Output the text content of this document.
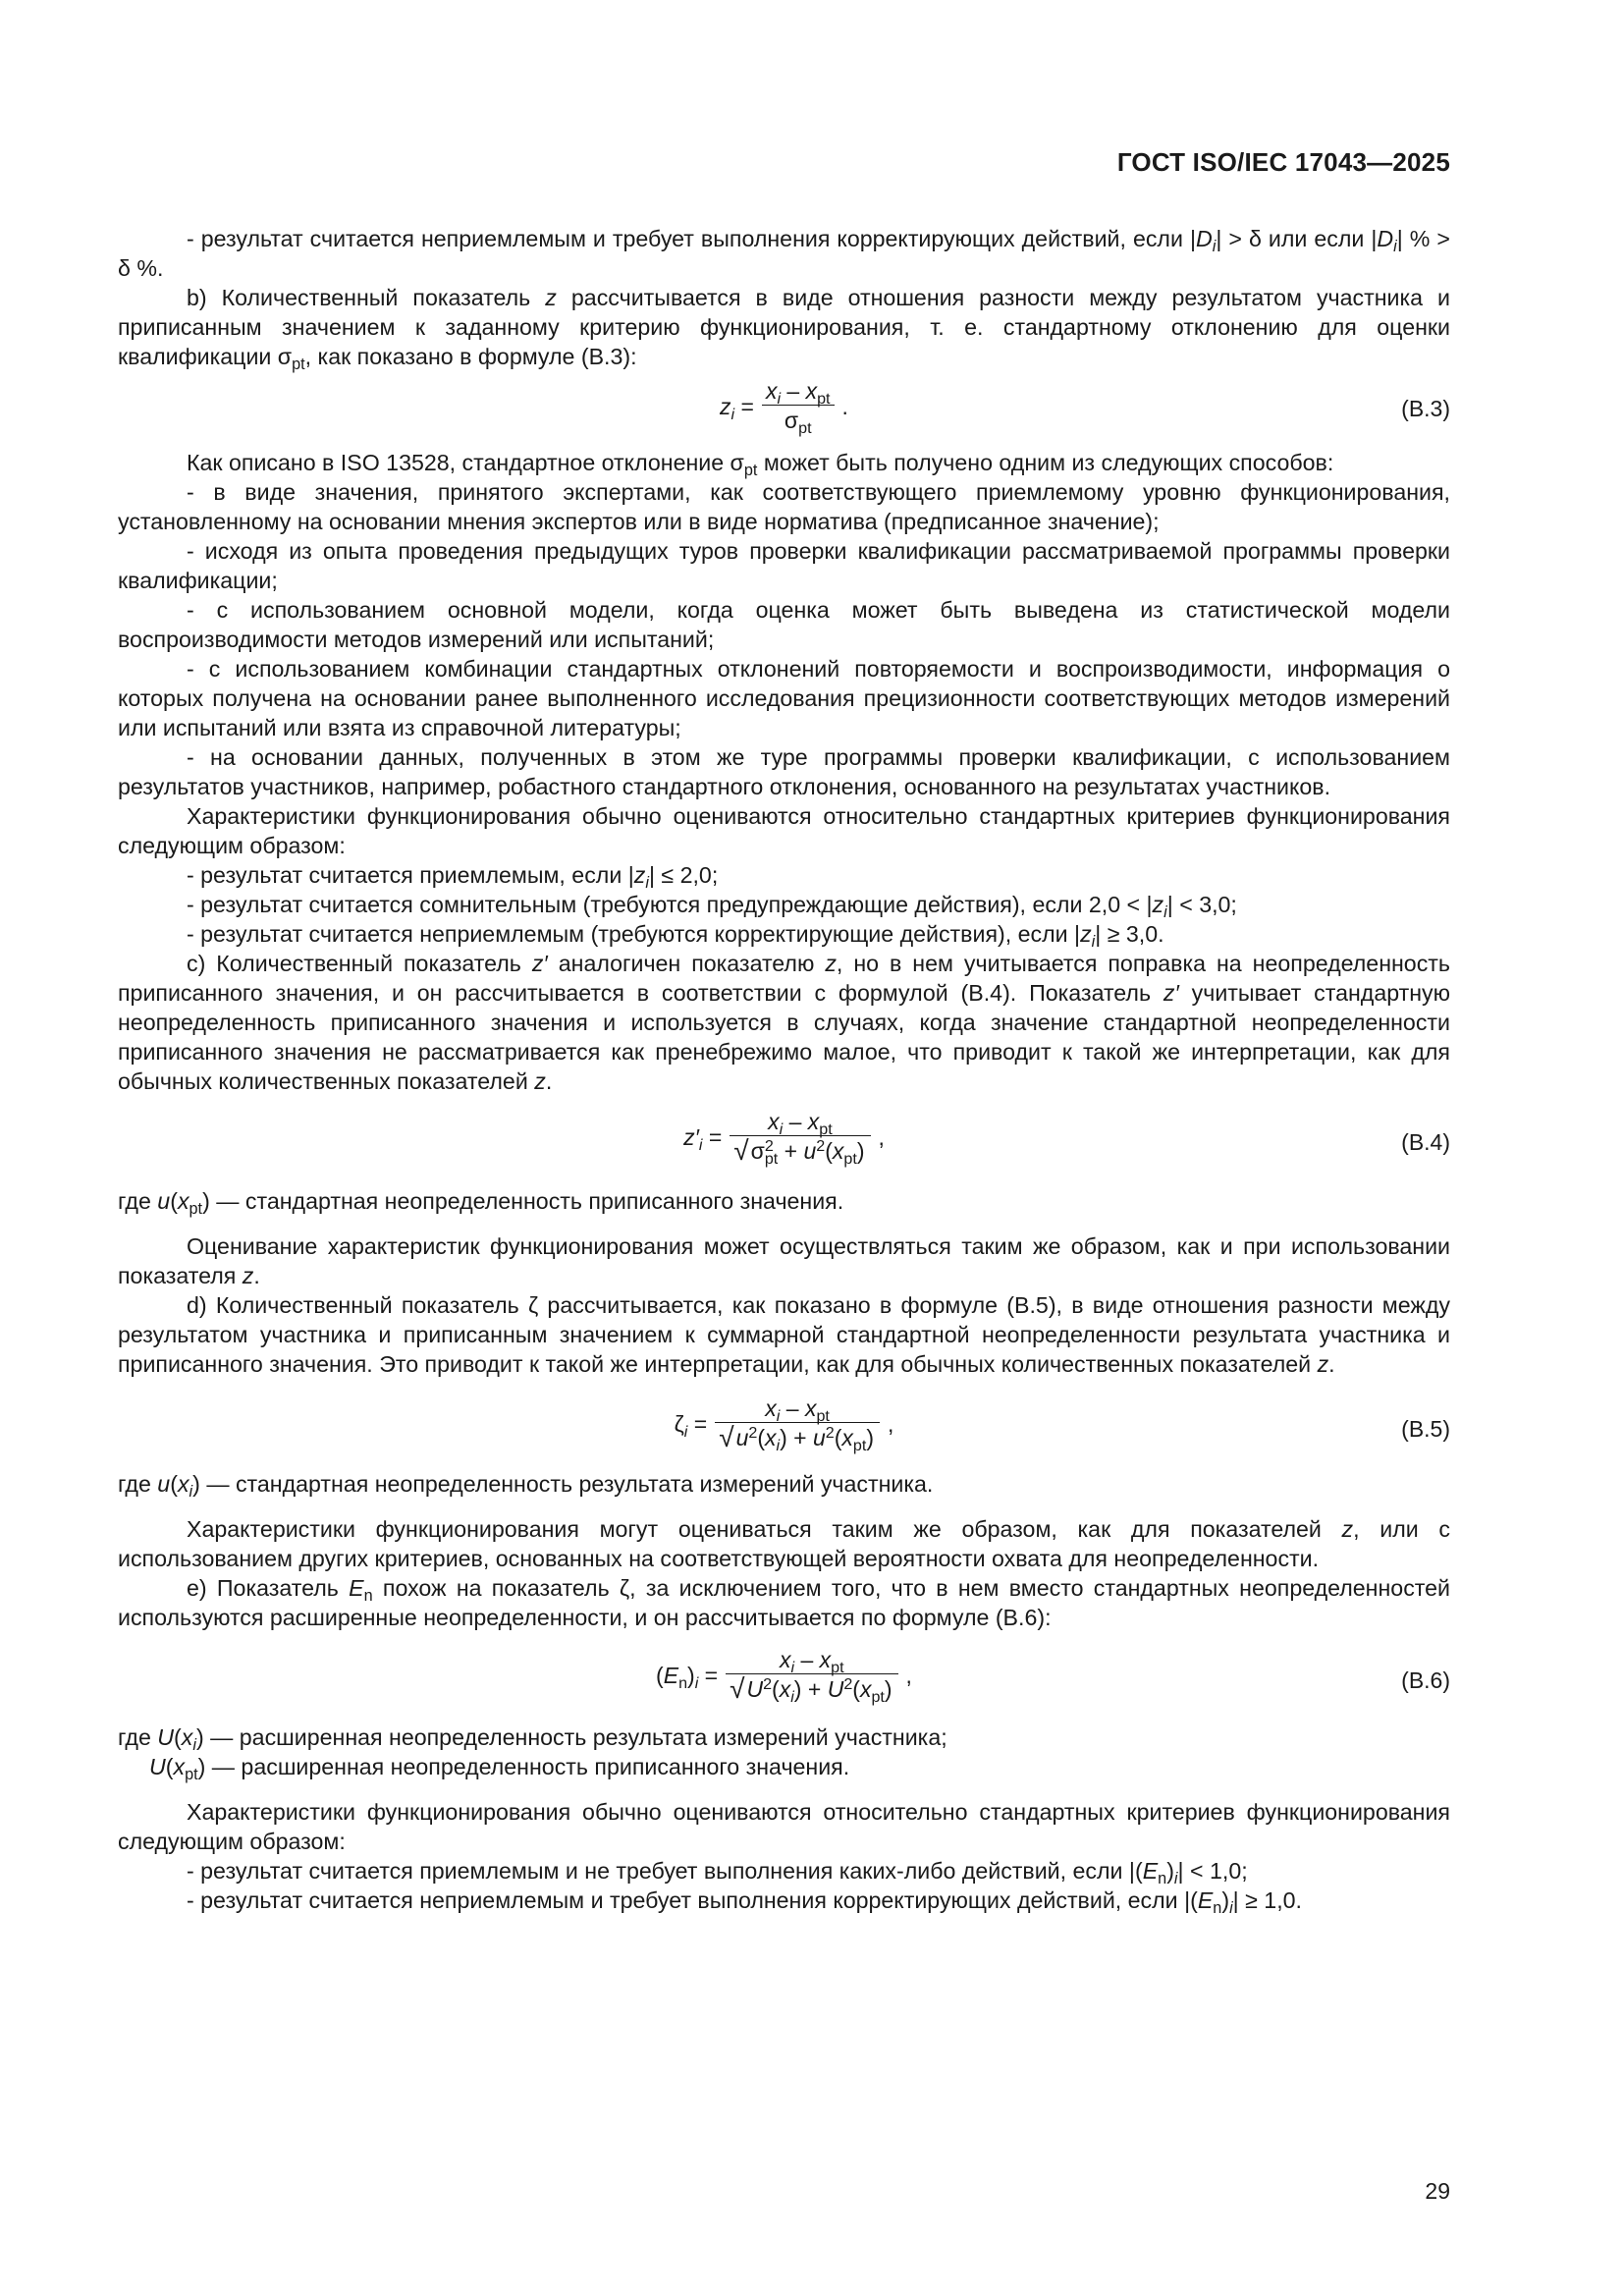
ГОСТ ISO/IEC 17043—2025

- результат считается неприемлемым и требует выполнения корректирующих действий, если $|D_i| > \delta$ или если $|D_i|$ % > δ %.

b) Количественный показатель z рассчитывается в виде отношения разности между результатом участника и приписанным значением к заданному критерию функционирования, т. е. стандартному отклонению для оценки квалификации $\sigma_{pt}$, как показано в формуле (В.3):

$z_i = \frac{x_i - x_{pt}}{\sigma_{pt}}$ .	(В.3)

Как описано в ISO 13528, стандартное отклонение $\sigma_{pt}$ может быть получено одним из следующих способов:

- в виде значения, принятого экспертами, как соответствующего приемлемому уровню функционирования, установленному на основании мнения экспертов или в виде норматива (предписанное значение);

- исходя из опыта проведения предыдущих туров проверки квалификации рассматриваемой программы проверки квалификации;

- с использованием основной модели, когда оценка может быть выведена из статистической модели воспроизводимости методов измерений или испытаний;

- с использованием комбинации стандартных отклонений повторяемости и воспроизводимости, информация о которых получена на основании ранее выполненного исследования прецизионности соответствующих методов измерений или испытаний или взята из справочной литературы;

- на основании данных, полученных в этом же туре программы проверки квалификации, с использованием результатов участников, например, робастного стандартного отклонения, основанного на результатах участников.

Характеристики функционирования обычно оцениваются относительно стандартных критериев функционирования следующим образом:

- результат считается приемлемым, если $|z_i| \le 2,0$;

- результат считается сомнительным (требуются предупреждающие действия), если $2,0 < |z_i| < 3,0$;

- результат считается неприемлемым (требуются корректирующие действия), если $|z_i| \ge 3,0$.

c) Количественный показатель z′ аналогичен показателю z, но в нем учитывается поправка на неопределенность приписанного значения, и он рассчитывается в соответствии с формулой (В.4). Показатель z′ учитывает стандартную неопределенность приписанного значения и используется в случаях, когда значение стандартной неопределенности приписанного значения не рассматривается как пренебрежимо малое, что приводит к такой же интерпретации, как для обычных количественных показателей z.

$z'_i = \frac{x_i - x_{pt}}{√\sigma^2_{pt} + u^2(x_{pt})}$ ,	(В.4)

где $u(x_{pt})$ — стандартная неопределенность приписанного значения.

Оценивание характеристик функционирования может осуществляться таким же образом, как и при использовании показателя z.

d) Количественный показатель ζ рассчитывается, как показано в формуле (В.5), в виде отношения разности между результатом участника и приписанным значением к суммарной стандартной неопределенности результата участника и приписанного значения. Это приводит к такой же интерпретации, как для обычных количественных показателей z.

$\zeta_i = \frac{x_i - x_{pt}}{√u^2(x_i) + u^2(x_{pt})}$ ,	(В.5)

где $u(x_i)$ — стандартная неопределенность результата измерений участника.

Характеристики функционирования могут оцениваться таким же образом, как для показателей z, или с использованием других критериев, основанных на соответствующей вероятности охвата для неопределенности.

e) Показатель $E_n$ похож на показатель ζ, за исключением того, что в нем вместо стандартных неопределенностей используются расширенные неопределенности, и он рассчитывается по формуле (В.6):

$(E_n)_i = \frac{x_i - x_{pt}}{√U^2(x_i) + U^2(x_{pt})}$ ,	(В.6)

где $U(x_i)$ — расширенная неопределенность результата измерений участника;

$U(x_{pt})$ — расширенная неопределенность приписанного значения.

Характеристики функционирования обычно оцениваются относительно стандартных критериев функционирования следующим образом:

- результат считается приемлемым и не требует выполнения каких-либо действий, если $|(E_n)_i| < 1,0$;

- результат считается неприемлемым и требует выполнения корректирующих действий, если $|(E_n)_i| \ge 1,0$.

29
